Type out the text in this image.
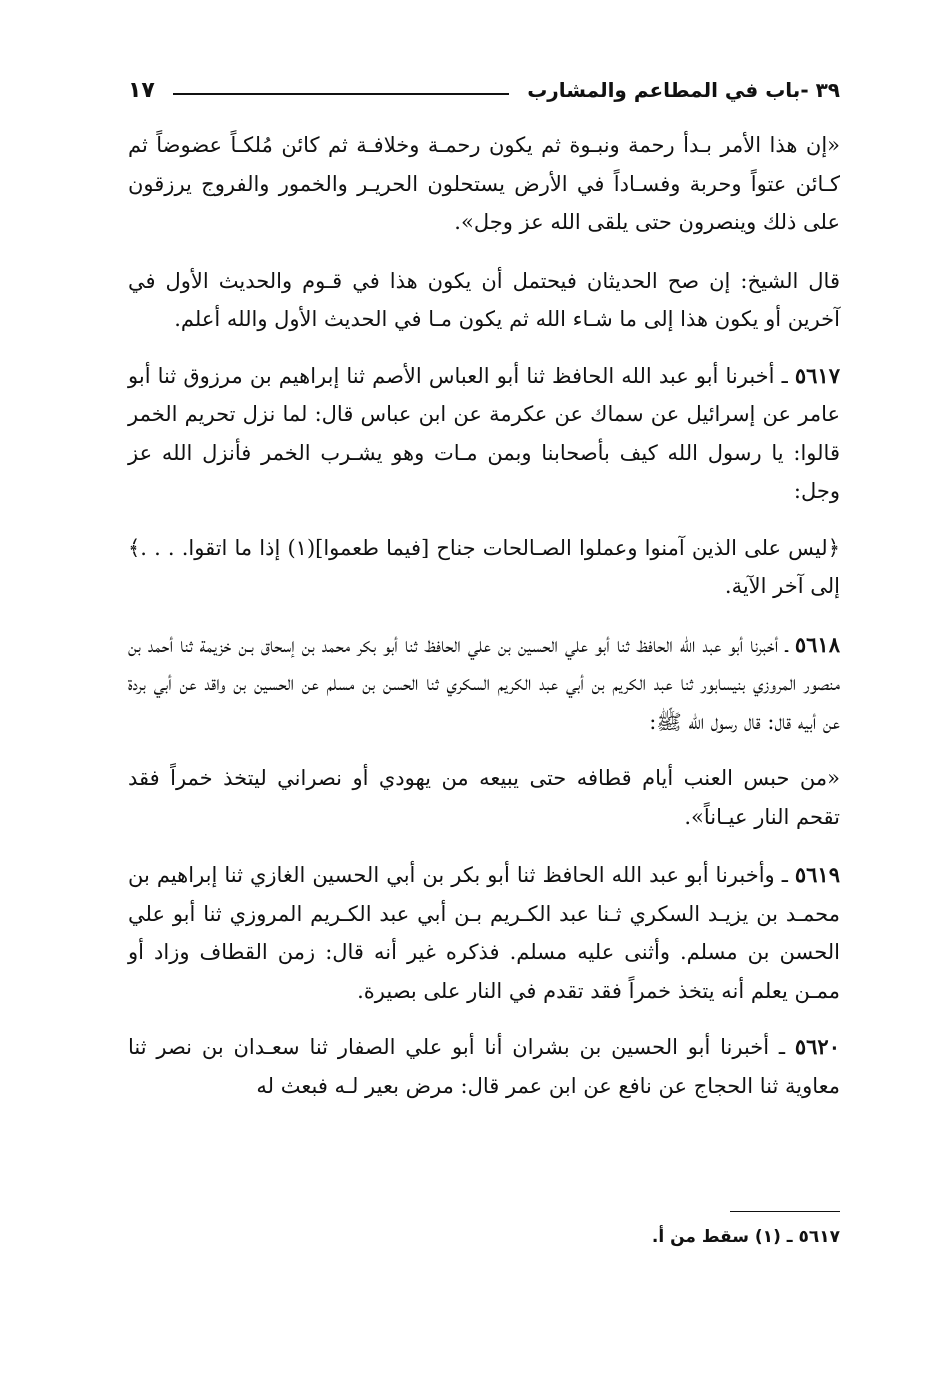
٣٩ -باب في المطاعم والمشارب
١٧

«إن هذا الأمر بـدأ رحمة ونبـوة ثم يكون رحمـة وخلافـة ثم كائن مُلكـاً عضوضاً ثم كـائن عتواً وحربة وفسـاداً في الأرض يستحلون الحريـر والخمور والفروج يرزقون على ذلك وينصرون حتى يلقى الله عز وجل».

قال الشيخ: إن صح الحديثان فيحتمل أن يكون هذا في قـوم والحديث الأول في آخرين أو يكون هذا إلى ما شـاء الله ثم يكون مـا في الحديث الأول والله أعلم.

٥٦١٧ ـ أخبرنا أبو عبد الله الحافظ ثنا أبو العباس الأصم ثنا إبراهيم بن مرزوق ثنا أبو عامر عن إسرائيل عن سماك عن عكرمة عن ابن عباس قال: لما نزل تحريم الخمر قالوا: يا رسول الله كيف بأصحابنا وبمن مـات وهو يشـرب الخمر فأنزل الله عز وجل:

﴿ليس على الذين آمنوا وعملوا الصـالحات جناح [فيما طعموا](١) إذا ما اتقوا. . . .﴾ إلى آخر الآية.

٥٦١٨ ـ أخبرنا أبو عبد الله الحافظ ثنا أبو علي الحسين بن علي الحافظ ثنا أبو بكر محمد بن إسحاق بـن خزيمة ثنا أحمد بن منصور المروزي بنيسابور ثنا عبد الكريم بن أبي عبد الكريم السكري ثنا الحسن بن مسلم عن الحسين بن واقد عن أبي بردة عن أبيه قال: قال رسول الله ﷺ:

«من حبس العنب أيام قطافه حتى يبيعه من يهودي أو نصراني ليتخذ خمراً فقد تقحم النار عيـاناً».

٥٦١٩ ـ وأخبرنا أبو عبد الله الحافظ ثنا أبو بكر بن أبي الحسين الغازي ثنا إبراهيم بن محمـد بن يزيـد السكري ثـنا عبد الكـريم بـن أبي عبد الكـريم المروزي ثنا أبو علي الحسن بن مسلم. وأثنى عليه مسلم. فذكره غير أنه قال: زمن القطاف وزاد أو ممـن يعلم أنه يتخذ خمراً فقد تقدم في النار على بصيرة.

٥٦٢٠ ـ أخبرنا أبو الحسين بن بشران أنا أبو علي الصفار ثنا سعـدان بن نصر ثنا معاوية ثنا الحجاج عن نافع عن ابن عمر قال: مرض بعير لـه فبعث له

٥٦١٧ ـ (١) سقط من أ.
